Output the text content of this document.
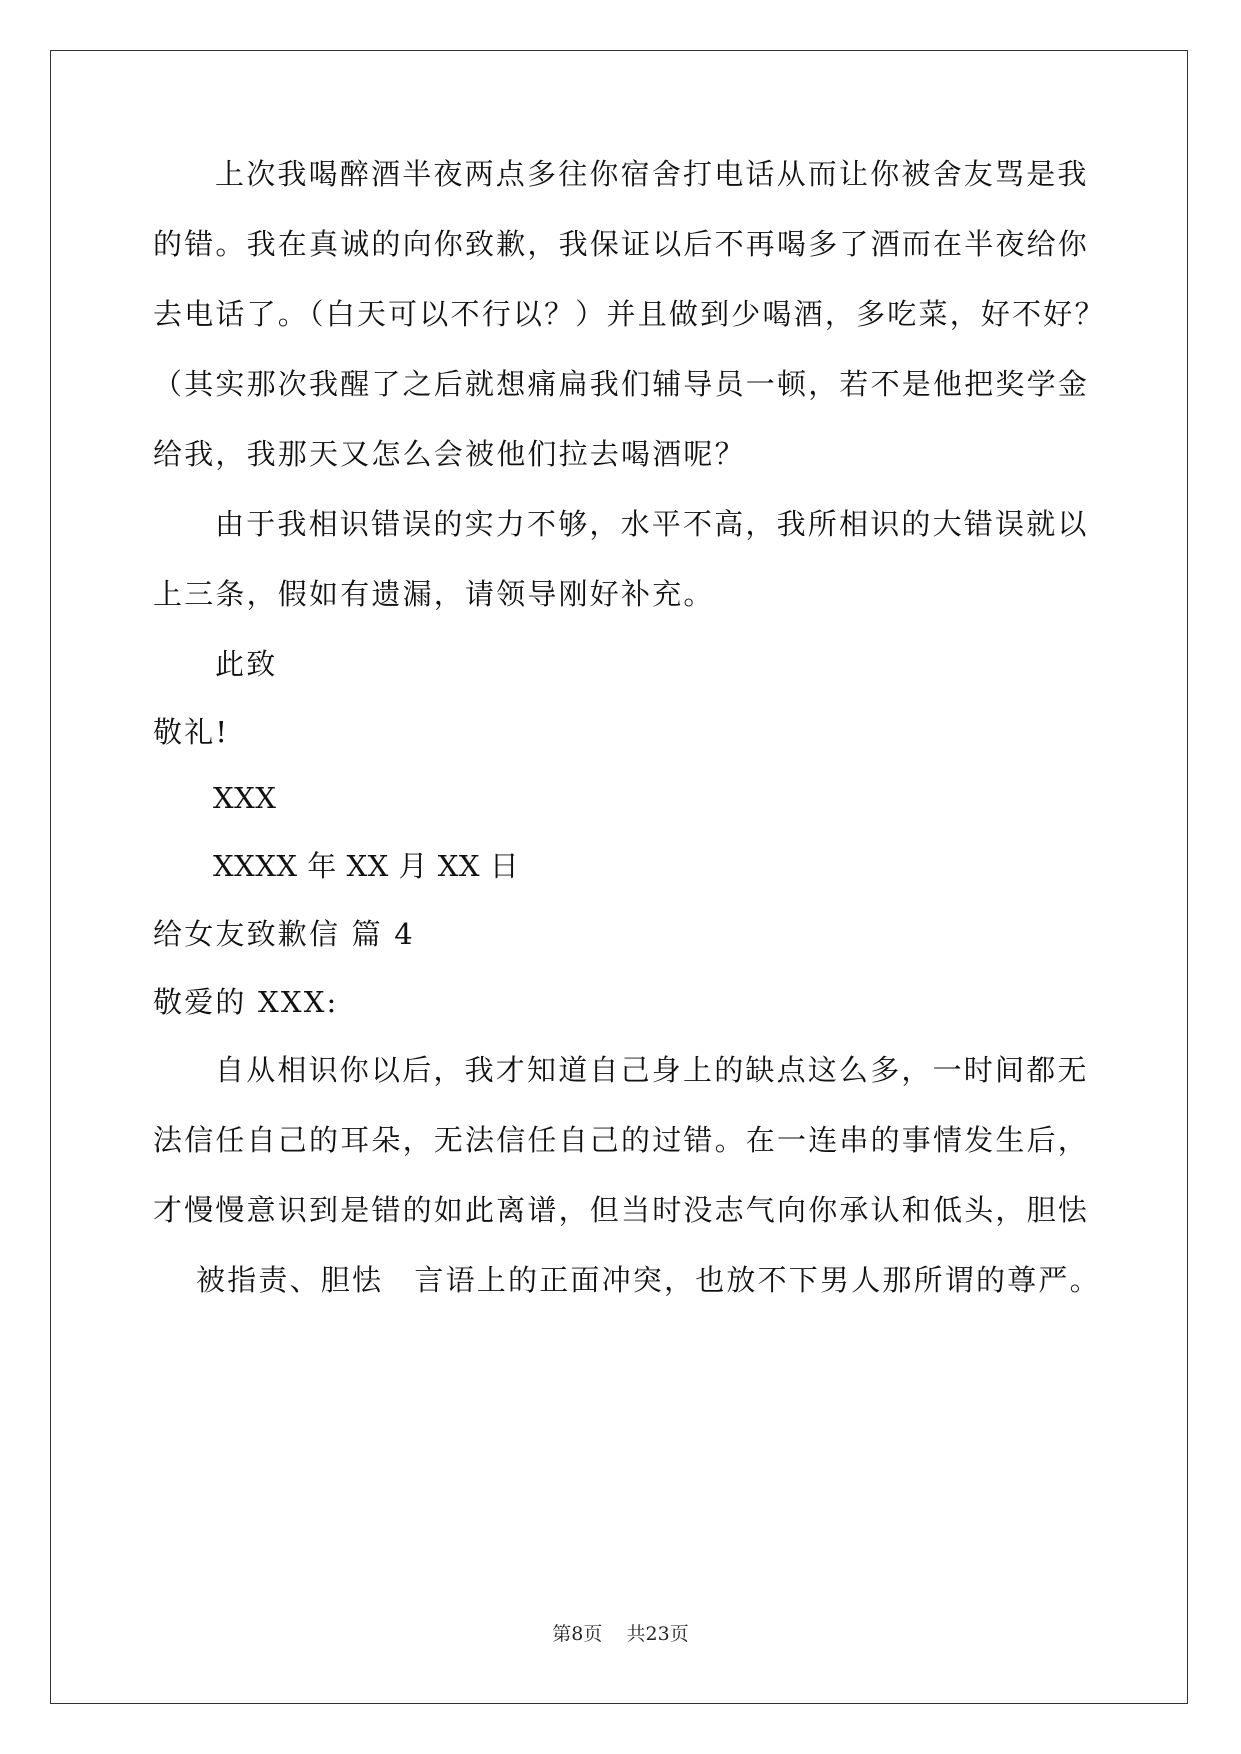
上次我喝醉酒半夜两点多往你宿舍打电话从而让你被舍友骂是我
的错。我在真诚的向你致歉，我保证以后不再喝多了酒而在半夜给你
去电话了。（白天可以不行以？）并且做到少喝酒，多吃菜，好不好？
（其实那次我醒了之后就想痛扁我们辅导员一顿，若不是他把奖学金
给我，我那天又怎么会被他们拉去喝酒呢？
由于我相识错误的实力不够，水平不高，我所相识的大错误就以
上三条，假如有遗漏，请领导刚好补充。
此致
敬礼!
XXX
XXXX 年 XX 月 XX 日
给女友致歉信 篇 4
敬爱的 XXX:
自从相识你以后，我才知道自己身上的缺点这么多，一时间都无
法信任自己的耳朵，无法信任自己的过错。在一连串的事情发生后，
才慢慢意识到是错的如此离谱，但当时没志气向你承认和低头，胆怯
被指责、胆怯　言语上的正面冲突，也放不下男人那所谓的尊严。
第8页 共23页
